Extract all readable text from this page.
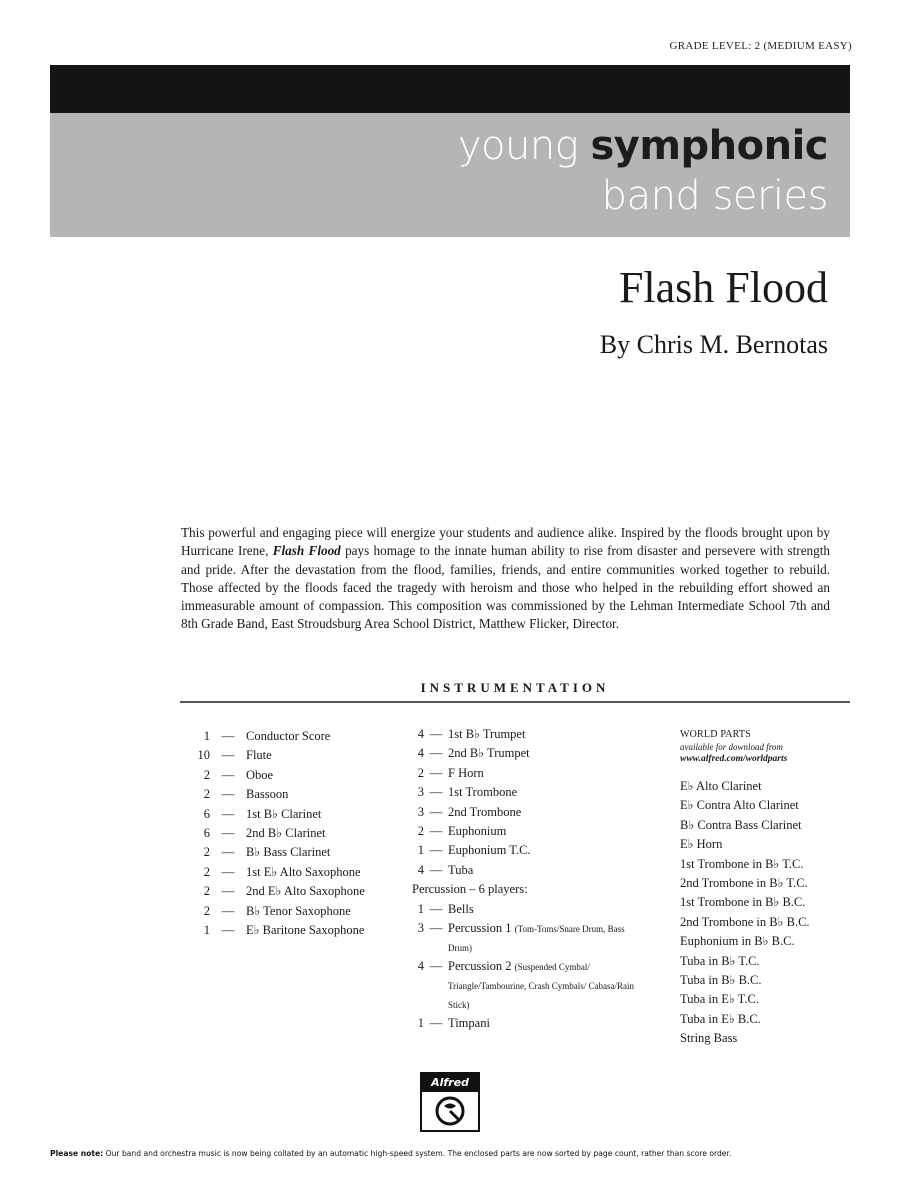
GRADE LEVEL: 2 (MEDIUM EASY)
young symphonic
band series
Flash Flood
By Chris M. Bernotas
This powerful and engaging piece will energize your students and audience alike. Inspired by the floods brought upon by Hurricane Irene, Flash Flood pays homage to the innate human ability to rise from disaster and persevere with strength and pride. After the devastation from the flood, families, friends, and entire communities worked together to rebuild. Those affected by the floods faced the tragedy with heroism and those who helped in the rebuilding effort showed an immeasurable amount of compassion. This composition was commissioned by the Lehman Intermediate School 7th and 8th Grade Band, East Stroudsburg Area School District, Matthew Flicker, Director.
INSTRUMENTATION
1 — Conductor Score
10 — Flute
2 — Oboe
2 — Bassoon
6 — 1st B♭ Clarinet
6 — 2nd B♭ Clarinet
2 — B♭ Bass Clarinet
2 — 1st E♭ Alto Saxophone
2 — 2nd E♭ Alto Saxophone
2 — B♭ Tenor Saxophone
1 — E♭ Baritone Saxophone
4 — 1st B♭ Trumpet
4 — 2nd B♭ Trumpet
2 — F Horn
3 — 1st Trombone
3 — 2nd Trombone
2 — Euphonium
1 — Euphonium T.C.
4 — Tuba
Percussion – 6 players:
1 — Bells
3 — Percussion 1 (Tom-Toms/Snare Drum, Bass Drum)
4 — Percussion 2 (Suspended Cymbal/ Triangle/Tambourine, Crash Cymbals/ Cabasa/Rain Stick)
1 — Timpani
WORLD PARTS
available for download from
www.alfred.com/worldparts
E♭ Alto Clarinet
E♭ Contra Alto Clarinet
B♭ Contra Bass Clarinet
E♭ Horn
1st Trombone in B♭ T.C.
2nd Trombone in B♭ T.C.
1st Trombone in B♭ B.C.
2nd Trombone in B♭ B.C.
Euphonium in B♭ B.C.
Tuba in B♭ T.C.
Tuba in B♭ B.C.
Tuba in E♭ T.C.
Tuba in E♭ B.C.
String Bass
Alfred
Please note: Our band and orchestra music is now being collated by an automatic high-speed system. The enclosed parts are now sorted by page count, rather than score order.
